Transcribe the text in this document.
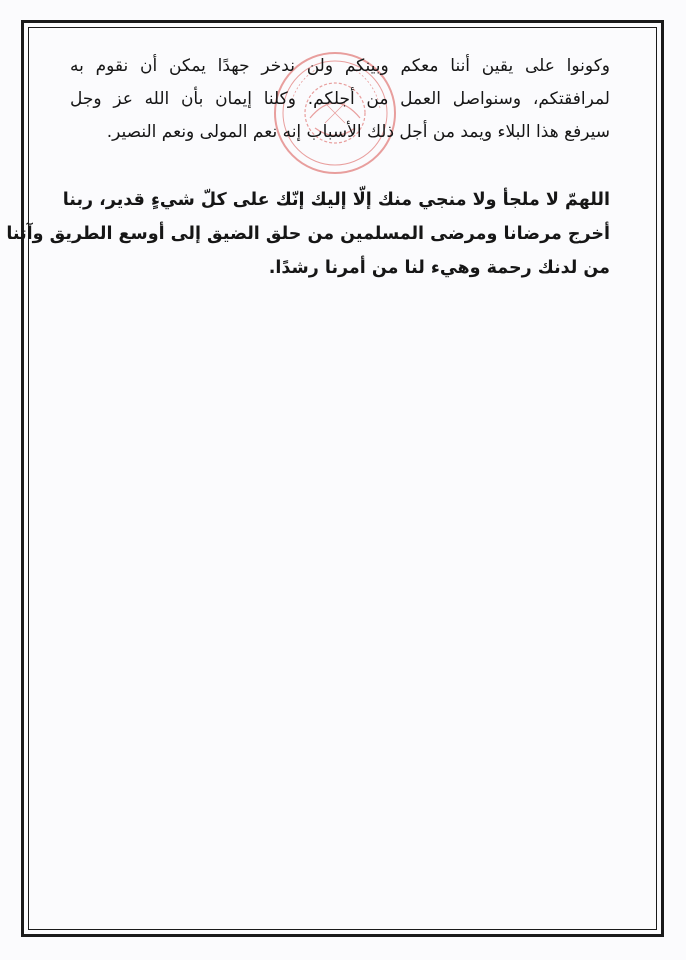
وكونوا على يقين أننا معكم وبينكم ولن ندخر جهدًا يمكن أن نقوم به
لمرافقتكم، وسنواصل العمل من أجلكم. وكلنا إيمان بأن الله عز وجل
سيرفع هذا البلاء ويمد من أجل ذلك الأسباب إنه نعم المولى ونعم النصير.
اللهمّ لا ملجأ ولا منجي منك إلّا إليك إنّك على كلّ شيءٍ قدير، ربنا
أخرج مرضانا ومرضى المسلمين من حلق الضيق إلى أوسع الطريق وآتنا
من لدنك رحمة وهيء لنا من أمرنا رشدًا.
